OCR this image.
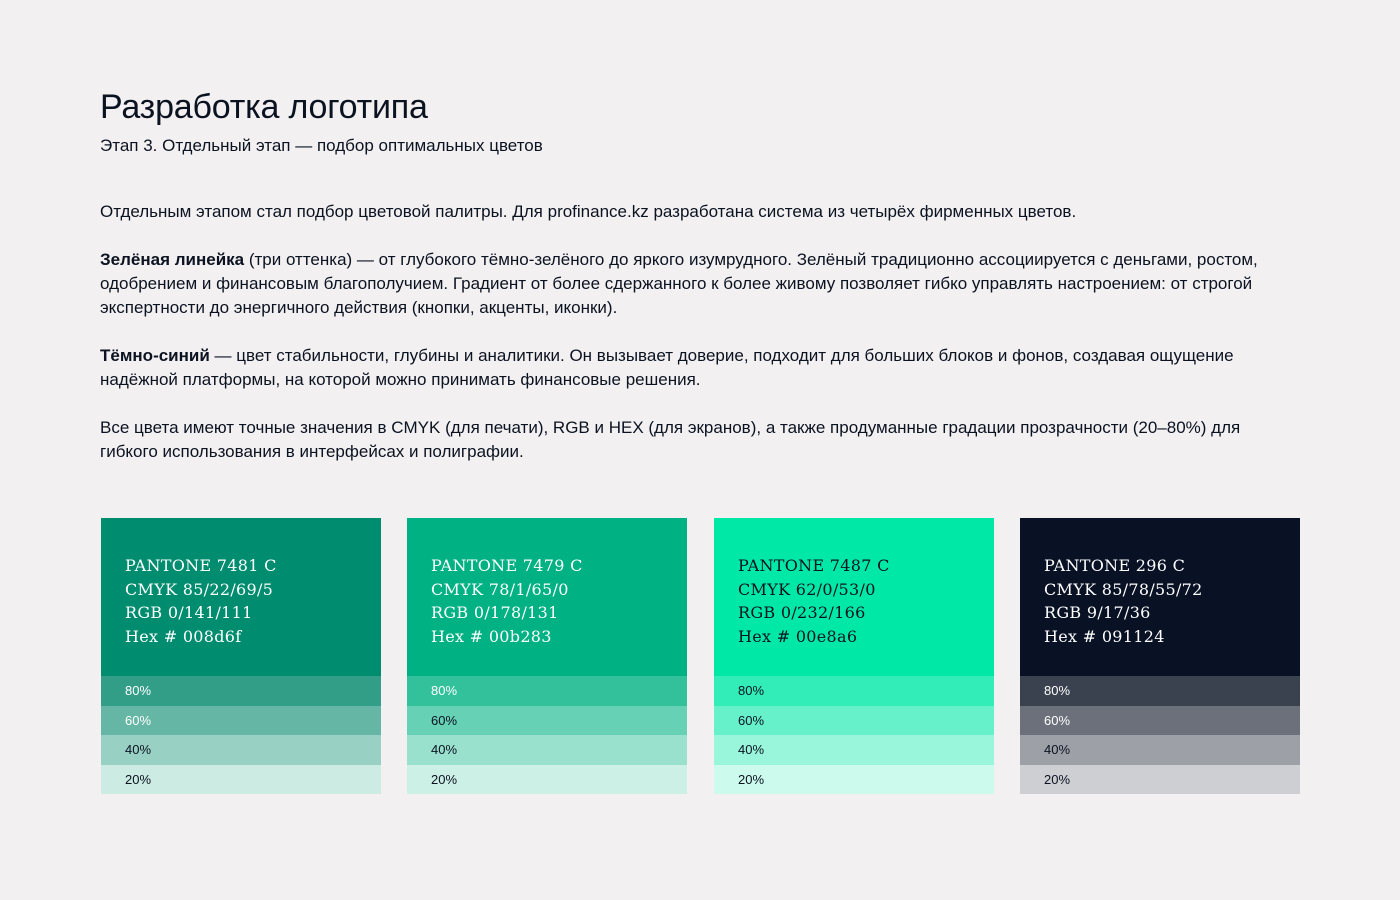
Разработка логотипа
Этап 3. Отдельный этап — подбор оптимальных цветов

Отдельным этапом стал подбор цветовой палитры. Для profinance.kz разработана система из четырёх фирменных цветов.

Зелёная линейка (три оттенка) — от глубокого тёмно-зелёного до яркого изумрудного. Зелёный традиционно ассоциируется с деньгами, ростом, одобрением и финансовым благополучием. Градиент от более сдержанного к более живому позволяет гибко управлять настроением: от строгой экспертности до энергичного действия (кнопки, акценты, иконки).

Тёмно-синий — цвет стабильности, глубины и аналитики. Он вызывает доверие, подходит для больших блоков и фонов, создавая ощущение надёжной платформы, на которой можно принимать финансовые решения.

Все цвета имеют точные значения в CMYK (для печати), RGB и HEX (для экранов), а также продуманные градации прозрачности (20–80%) для гибкого использования в интерфейсах и полиграфии.

PANTONE 7481 C
CMYK 85/22/69/5
RGB 0/141/111
Hex # 008d6f
80%
60%
40%
20%
PANTONE 7479 C
CMYK 78/1/65/0
RGB 0/178/131
Hex # 00b283
80%
60%
40%
20%
PANTONE 7487 C
CMYK 62/0/53/0
RGB 0/232/166
Hex # 00e8a6
80%
60%
40%
20%
PANTONE 296 C
CMYK 85/78/55/72
RGB 9/17/36
Hex # 091124
80%
60%
40%
20%
